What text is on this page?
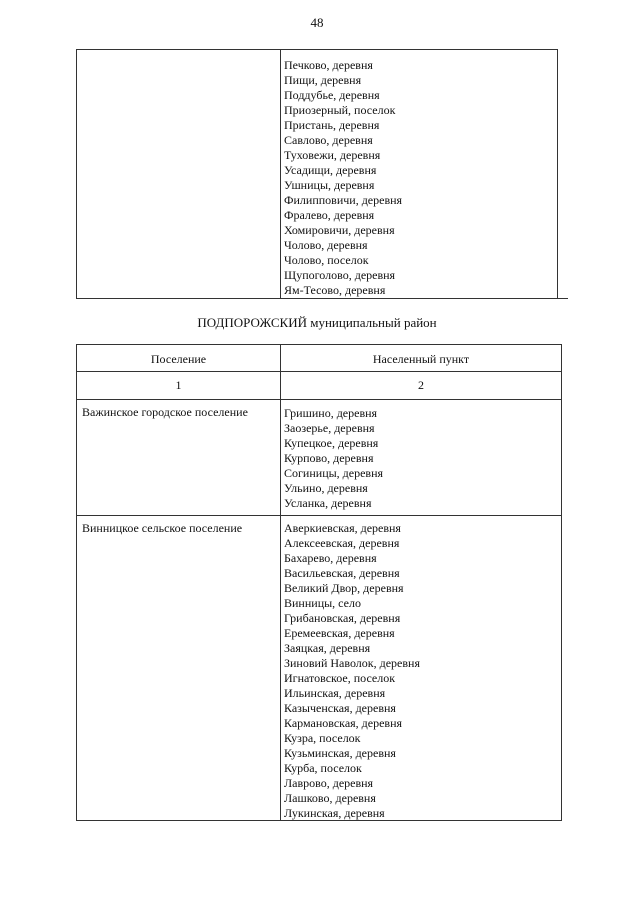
48
Печково, деревня
Пищи, деревня
Поддубье, деревня
Приозерный, поселок
Пристань, деревня
Савлово, деревня
Туховежи, деревня
Усадищи, деревня
Ушницы, деревня
Филипповичи, деревня
Фралево, деревня
Хомировичи, деревня
Чолово, деревня
Чолово, поселок
Щупоголово, деревня
Ям-Тесово, деревня
ПОДПОРОЖСКИЙ муниципальный район
Поселение	Населенный пункт
1	2
Важинское городское поселение	Гришино, деревня
Заозерье, деревня
Купецкое, деревня
Курпово, деревня
Согиницы, деревня
Ульино, деревня
Усланка, деревня
Винницкое сельское поселение	Аверкиевская, деревня
Алексеевская, деревня
Бахарево, деревня
Васильевская, деревня
Великий Двор, деревня
Винницы, село
Грибановская, деревня
Еремеевская, деревня
Заяцкая, деревня
Зиновий Наволок, деревня
Игнатовское, поселок
Ильинская, деревня
Казыченская, деревня
Кармановская, деревня
Кузра, поселок
Кузьминская, деревня
Курба, поселок
Лаврово, деревня
Лашково, деревня
Лукинская, деревня
